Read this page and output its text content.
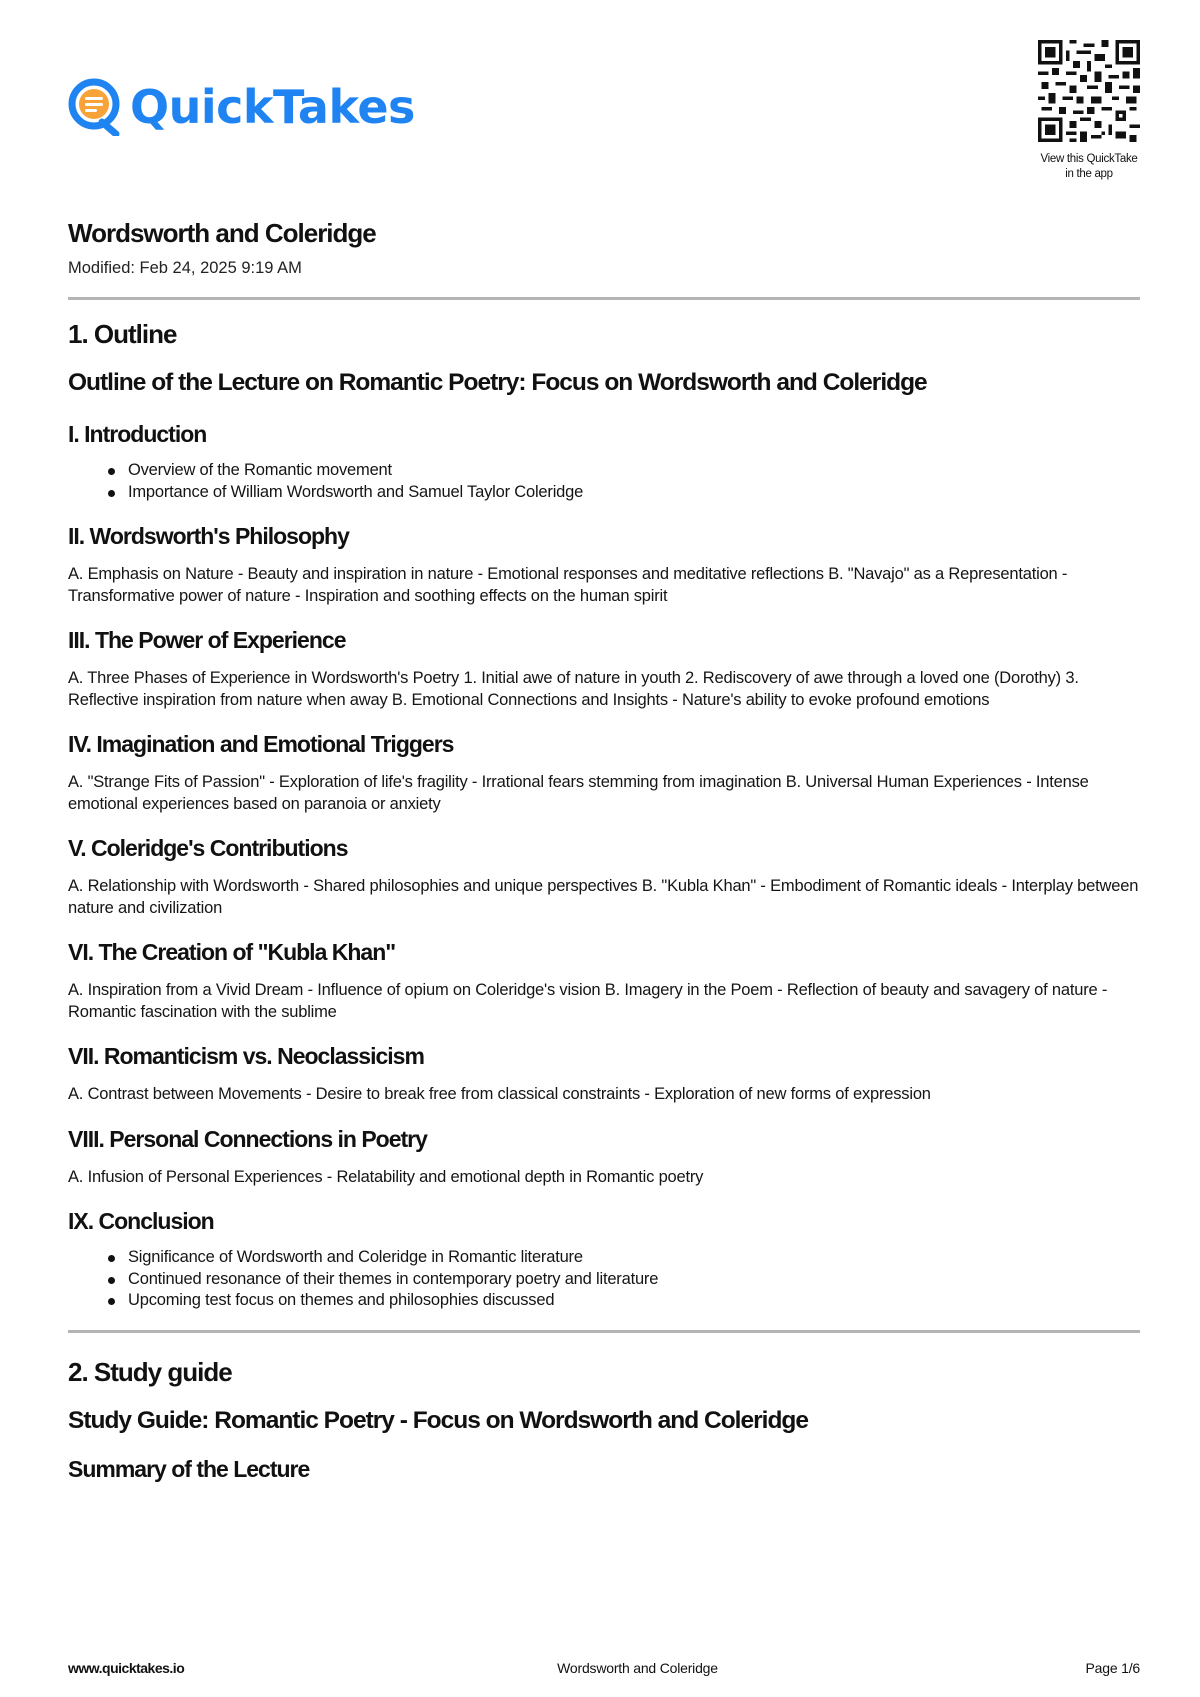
QuickTakes
View this QuickTake
in the app
Wordsworth and Coleridge
Modified: Feb 24, 2025 9:19 AM
1. Outline
Outline of the Lecture on Romantic Poetry: Focus on Wordsworth and Coleridge
I. Introduction
Overview of the Romantic movement
Importance of William Wordsworth and Samuel Taylor Coleridge
II. Wordsworth's Philosophy

A. Emphasis on Nature - Beauty and inspiration in nature - Emotional responses and meditative reflections B. "Navajo" as a Representation - Transformative power of nature - Inspiration and soothing effects on the human spirit

III. The Power of Experience

A. Three Phases of Experience in Wordsworth's Poetry 1. Initial awe of nature in youth 2. Rediscovery of awe through a loved one (Dorothy) 3. Reflective inspiration from nature when away B. Emotional Connections and Insights - Nature's ability to evoke profound emotions

IV. Imagination and Emotional Triggers

A. "Strange Fits of Passion" - Exploration of life's fragility - Irrational fears stemming from imagination B. Universal Human Experiences - Intense emotional experiences based on paranoia or anxiety

V. Coleridge's Contributions

A. Relationship with Wordsworth - Shared philosophies and unique perspectives B. "Kubla Khan" - Embodiment of Romantic ideals - Interplay between nature and civilization

VI. The Creation of "Kubla Khan"

A. Inspiration from a Vivid Dream - Influence of opium on Coleridge's vision B. Imagery in the Poem - Reflection of beauty and savagery of nature - Romantic fascination with the sublime

VII. Romanticism vs. Neoclassicism

A. Contrast between Movements - Desire to break free from classical constraints - Exploration of new forms of expression

VIII. Personal Connections in Poetry

A. Infusion of Personal Experiences - Relatability and emotional depth in Romantic poetry

IX. Conclusion
Significance of Wordsworth and Coleridge in Romantic literature
Continued resonance of their themes in contemporary poetry and literature
Upcoming test focus on themes and philosophies discussed
2. Study guide
Study Guide: Romantic Poetry - Focus on Wordsworth and Coleridge
Summary of the Lecture
www.quicktakes.io	Wordsworth and Coleridge	Page 1/6
